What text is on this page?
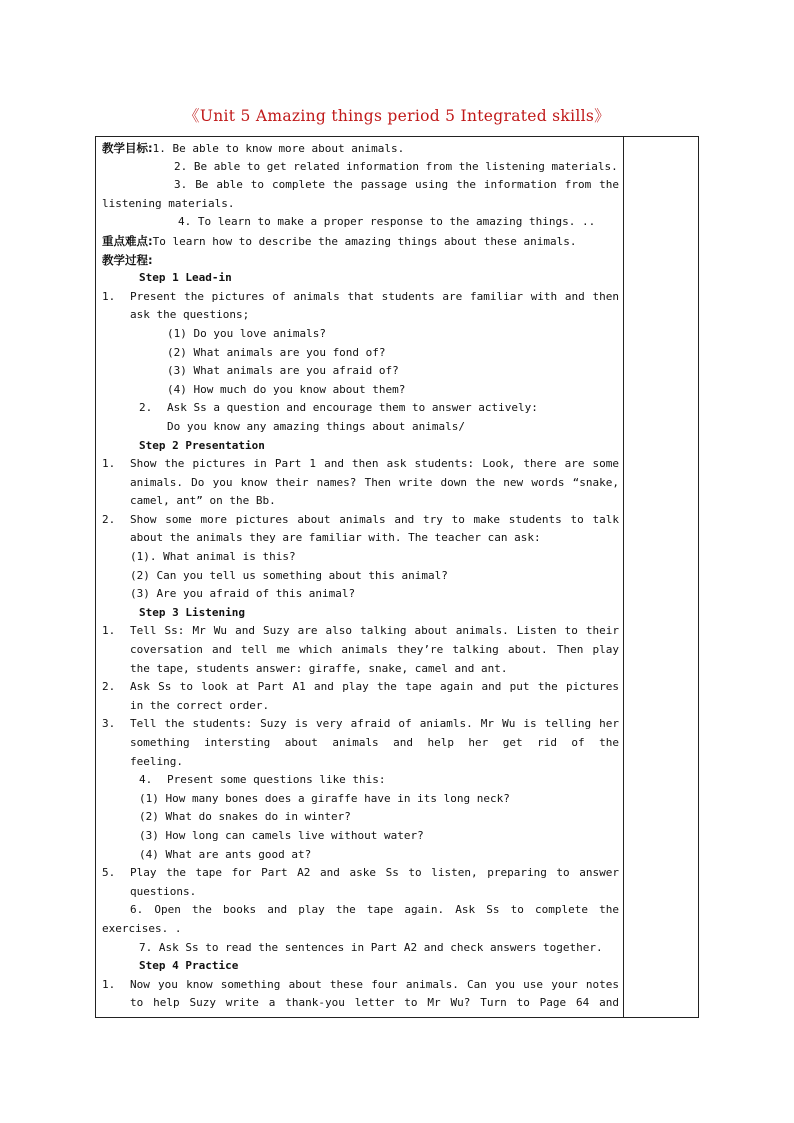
《Unit 5 Amazing things period 5 Integrated skills》
教学目标:1. Be able to know more about animals.
2. Be able to get related information from the listening materials.
3. Be able to complete the passage using the information from the
listening materials.
4. To learn to make a proper response to the amazing things. ..
重点难点:To learn how to describe the amazing things about these animals.
教学过程:
Step 1 Lead-in
1. Present the pictures of animals that students are familiar with and then
ask the questions;
(1) Do you love animals?
(2) What animals are you fond of?
(3) What animals are you afraid of?
(4) How much do you know about them?
2. Ask Ss a question and encourage them to answer actively:
Do you know any amazing things about animals/
Step 2 Presentation
1. Show the pictures in Part 1 and then ask students: Look, there are some
animals. Do you know their names? Then write down the new words “snake,
camel, ant” on the Bb.
2. Show some more pictures about animals and try to make students to talk
about the animals they are familiar with. The teacher can ask:
(1). What animal is this?
(2) Can you tell us something about this animal?
(3) Are you afraid of this animal?
Step 3 Listening
1. Tell Ss: Mr Wu and Suzy are also talking about animals. Listen to their
coversation and tell me which animals they’re talking about. Then play
the tape, students answer: giraffe, snake, camel and ant.
2. Ask Ss to look at Part A1 and play the tape again and put the pictures
in the correct order.
3. Tell the students: Suzy is very afraid of aniamls. Mr Wu is telling her
something intersting about animals and help her get rid of the
feeling.
4. Present some questions like this:
(1) How many bones does a giraffe have in its long neck?
(2) What do snakes do in winter?
(3) How long can camels live without water?
(4) What are ants good at?
5. Play the tape for Part A2 and aske Ss to listen, preparing to answer
questions.
6. Open the books and play the tape again. Ask Ss to complete the
exercises. .
7. Ask Ss to read the sentences in Part A2 and check answers together.
Step 4 Practice
1. Now you know something about these four animals. Can you use your notes
to help Suzy write a thank-you letter to Mr Wu? Turn to Page 64 and
